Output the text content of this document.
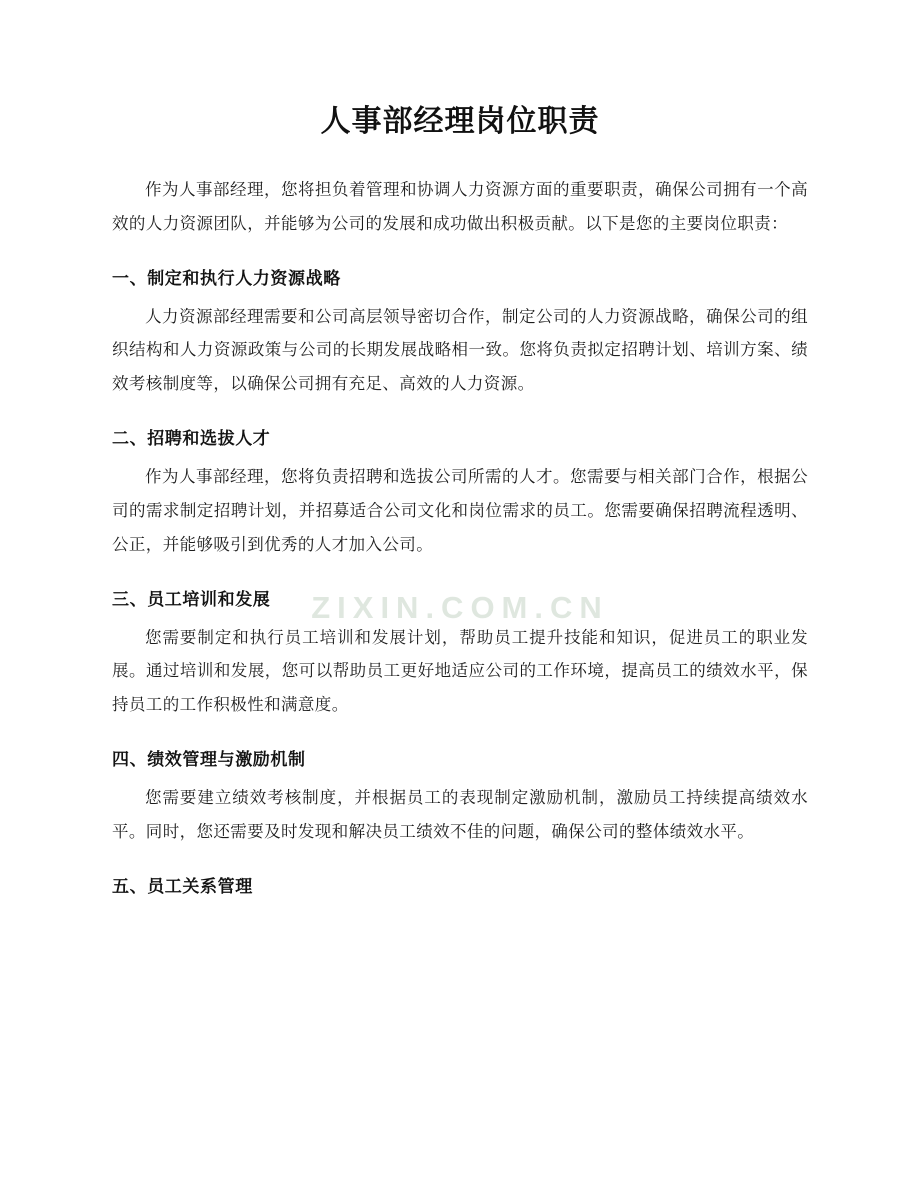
ZIXIN.COM.CN
人事部经理岗位职责

作为人事部经理，您将担负着管理和协调人力资源方面的重要职责，确保公司拥有一个高效的人力资源团队，并能够为公司的发展和成功做出积极贡献。以下是您的主要岗位职责：

一、制定和执行人力资源战略

人力资源部经理需要和公司高层领导密切合作，制定公司的人力资源战略，确保公司的组织结构和人力资源政策与公司的长期发展战略相一致。您将负责拟定招聘计划、培训方案、绩效考核制度等，以确保公司拥有充足、高效的人力资源。

二、招聘和选拔人才

作为人事部经理，您将负责招聘和选拔公司所需的人才。您需要与相关部门合作，根据公司的需求制定招聘计划，并招募适合公司文化和岗位需求的员工。您需要确保招聘流程透明、公正，并能够吸引到优秀的人才加入公司。

三、员工培训和发展

您需要制定和执行员工培训和发展计划，帮助员工提升技能和知识，促进员工的职业发展。通过培训和发展，您可以帮助员工更好地适应公司的工作环境，提高员工的绩效水平，保持员工的工作积极性和满意度。

四、绩效管理与激励机制

您需要建立绩效考核制度，并根据员工的表现制定激励机制，激励员工持续提高绩效水平。同时，您还需要及时发现和解决员工绩效不佳的问题，确保公司的整体绩效水平。

五、员工关系管理
